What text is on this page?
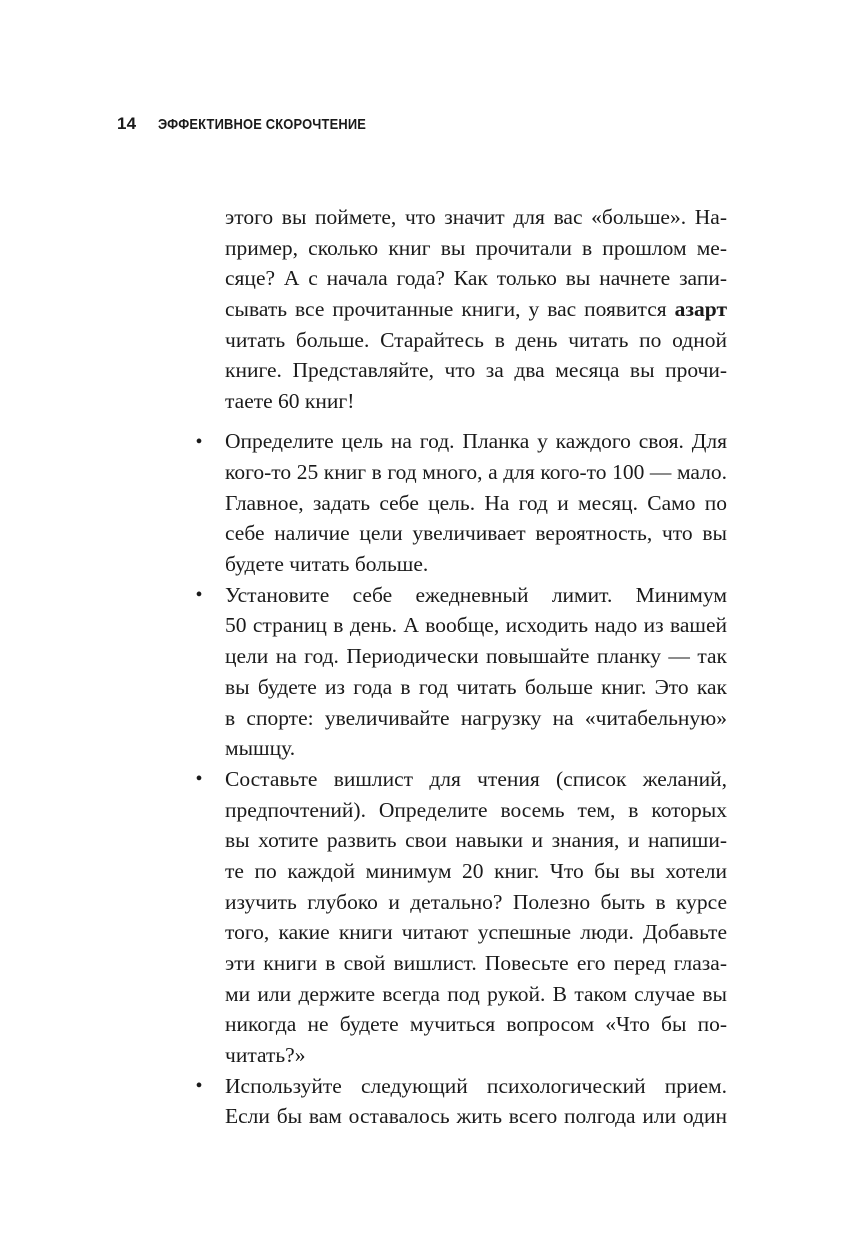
14 ЭФФЕКТИВНОЕ СКОРОЧТЕНИЕ
этого вы поймете, что значит для вас «больше». На-
пример, сколько книг вы прочитали в прошлом ме-
сяце? А с начала года? Как только вы начнете запи-
сывать все прочитанные книги, у вас появится азарт
читать больше. Старайтесь в день читать по одной
книге. Представляйте, что за два месяца вы прочи-
таете 60 книг!
Определите цель на год. Планка у каждого своя. Для
кого-то 25 книг в год много, а для кого-то 100 — мало.
Главное, задать себе цель. На год и месяц. Само по
себе наличие цели увеличивает вероятность, что вы
будете читать больше.
Установите себе ежедневный лимит. Минимум
50 страниц в день. А вообще, исходить надо из вашей
цели на год. Периодически повышайте планку — так
вы будете из года в год читать больше книг. Это как
в спорте: увеличивайте нагрузку на «читабельную»
мышцу.
Составьте вишлист для чтения (список желаний,
предпочтений). Определите восемь тем, в которых
вы хотите развить свои навыки и знания, и напиши-
те по каждой минимум 20 книг. Что бы вы хотели
изучить глубоко и детально? Полезно быть в курсе
того, какие книги читают успешные люди. Добавьте
эти книги в свой вишлист. Повесьте его перед глаза-
ми или держите всегда под рукой. В таком случае вы
никогда не будете мучиться вопросом «Что бы по-
читать?»
Используйте следующий психологический прием.
Если бы вам оставалось жить всего полгода или один
•
•
•
•
